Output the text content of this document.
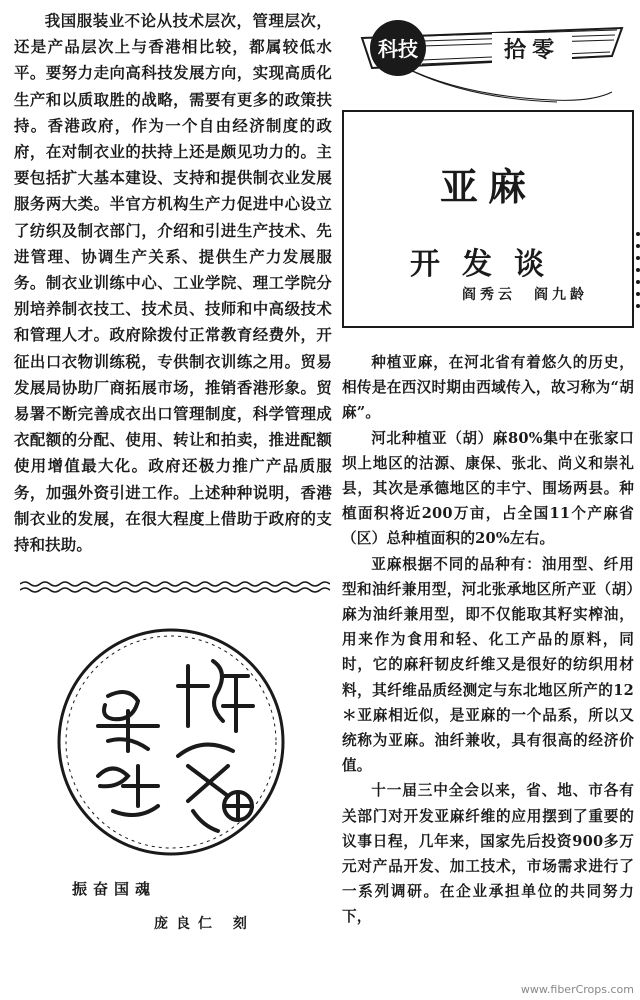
我国服装业不论从技术层次，管理层次，还是产品层次上与香港相比较，都属较低水平。要努力走向高科技发展方向，实现高质化生产和以质取胜的战略，需要有更多的政策扶持。香港政府，作为一个自由经济制度的政府，在对制衣业的扶持上还是颇见功力的。主要包括扩大基本建设、支持和提供制衣业发展服务两大类。半官方机构生产力促进中心设立了纺织及制衣部门，介绍和引进生产技术、先进管理、协调生产关系、提供生产力发展服务。制衣业训练中心、工业学院、理工学院分别培养制衣技工、技术员、技师和中高级技术和管理人才。政府除拨付正常教育经费外，开征出口衣物训练税，专供制衣训练之用。贸易发展局协助厂商拓展市场，推销香港形象。贸易署不断完善成衣出口管理制度，科学管理成衣配额的分配、使用、转让和拍卖，推进配额使用增值最大化。政府还极力推广产品质服务，加强外资引进工作。上述种种说明，香港制衣业的发展，在很大程度上借助于政府的支持和扶助。

振奋国魂
庞良仁 刻
科技	拾零
亚麻
开发谈
阎秀云　阎九龄

种植亚麻，在河北省有着悠久的历史，相传是在西汉时期由西域传入，故习称为“胡麻”。

河北种植亚（胡）麻80%集中在张家口坝上地区的沽源、康保、张北、尚义和崇礼县，其次是承德地区的丰宁、围场两县。种植面积将近200万亩，占全国11个产麻省（区）总种植面积的20%左右。

亚麻根据不同的品种有：油用型、纤用型和油纤兼用型，河北张承地区所产亚（胡）麻为油纤兼用型，即不仅能取其籽实榨油，用来作为食用和轻、化工产品的原料，同时，它的麻秆韧皮纤维又是很好的纺织用材料，其纤维品质经测定与东北地区所产的12＊亚麻相近似，是亚麻的一个品系，所以又统称为亚麻。油纤兼收，具有很高的经济价值。

十一届三中全会以来，省、地、市各有关部门对开发亚麻纤维的应用摆到了重要的议事日程，几年来，国家先后投资900多万元对产品开发、加工技术，市场需求进行了一系列调研。在企业承担单位的共同努力下，

www.fiberCrops.com
